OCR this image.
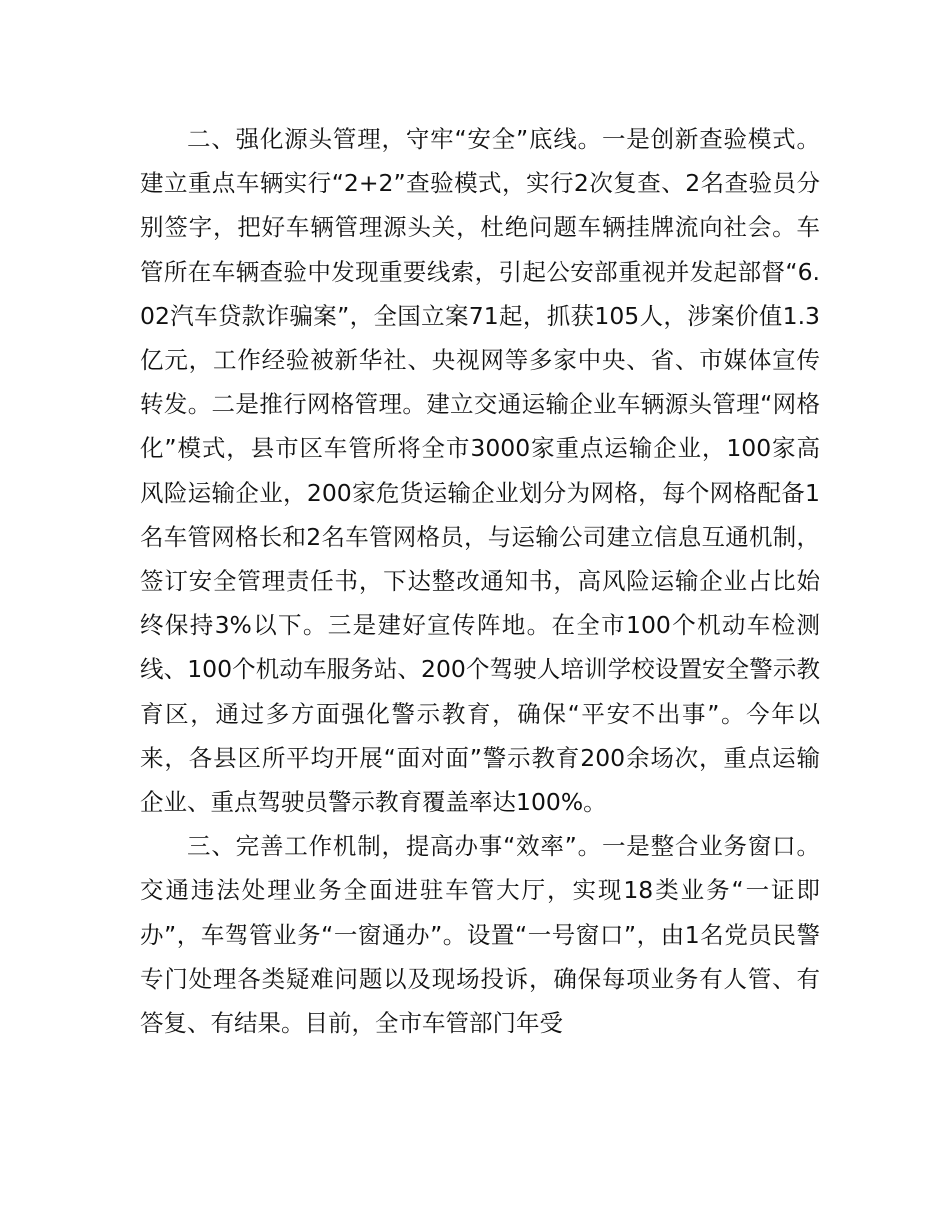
二、强化源头管理，守牢“安全”底线。一是创新查验模式。建立重点车辆实行“2+2”查验模式，实行2次复查、2名查验员分别签字，把好车辆管理源头关，杜绝问题车辆挂牌流向社会。车管所在车辆查验中发现重要线索，引起公安部重视并发起部督“6.02汽车贷款诈骗案”，全国立案71起，抓获105人，涉案价值1.3亿元，工作经验被新华社、央视网等多家中央、省、市媒体宣传转发。二是推行网格管理。建立交通运输企业车辆源头管理“网格化”模式，县市区车管所将全市3000家重点运输企业，100家高风险运输企业，200家危货运输企业划分为网格，每个网格配备1名车管网格长和2名车管网格员，与运输公司建立信息互通机制，签订安全管理责任书，下达整改通知书，高风险运输企业占比始终保持3%以下。三是建好宣传阵地。在全市100个机动车检测线、100个机动车服务站、200个驾驶人培训学校设置安全警示教育区，通过多方面强化警示教育，确保“平安不出事”。今年以来，各县区所平均开展“面对面”警示教育200余场次，重点运输企业、重点驾驶员警示教育覆盖率达100%。

三、完善工作机制，提高办事“效率”。一是整合业务窗口。交通违法处理业务全面进驻车管大厅，实现18类业务“一证即办”，车驾管业务“一窗通办”。设置“一号窗口”，由1名党员民警专门处理各类疑难问题以及现场投诉，确保每项业务有人管、有答复、有结果。目前，全市车管部门年受
